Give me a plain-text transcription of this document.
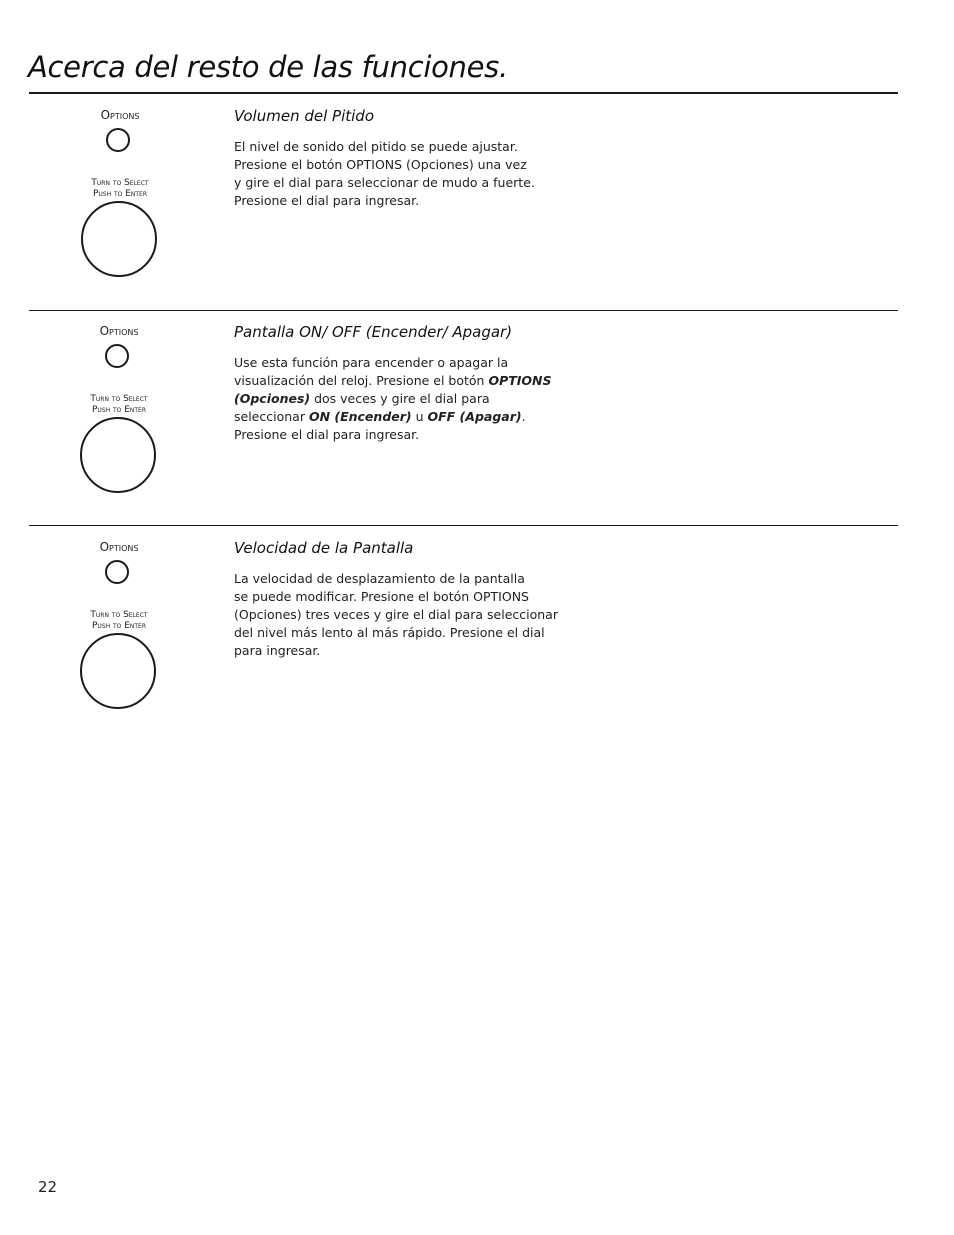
Acerca del resto de las funciones.
Options
Turn to Select
Push to Enter
Volumen del Pitido

El nivel de sonido del pitido se puede ajustar.
Presione el botón OPTIONS (Opciones) una vez
y gire el dial para seleccionar de mudo a fuerte.
Presione el dial para ingresar.

Options
Turn to Select
Push to Enter
Pantalla ON/ OFF (Encender/ Apagar)

Use esta función para encender o apagar la visualización del reloj. Presione el botón OPTIONS (Opciones) dos veces y gire el dial para seleccionar ON (Encender) u OFF (Apagar). Presione el dial para ingresar.

Options
Turn to Select
Push to Enter
Velocidad de la Pantalla

La velocidad de desplazamiento de la pantalla
se puede modificar. Presione el botón OPTIONS
(Opciones) tres veces y gire el dial para seleccionar
del nivel más lento al más rápido. Presione el dial
para ingresar.

22
